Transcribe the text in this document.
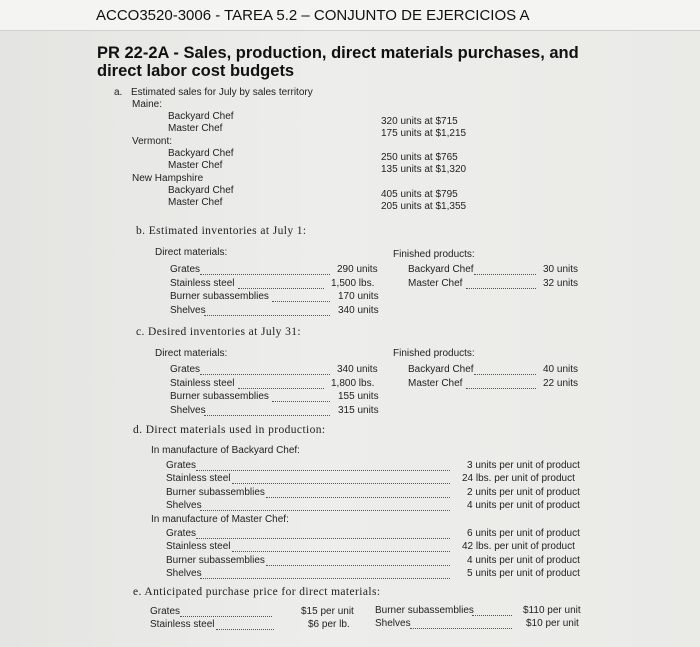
ACCO3520-3006 - TAREA 5.2 – CONJUNTO DE EJERCICIOS A
PR 22-2A - Sales, production, direct materials purchases, and
direct labor cost budgets
a. Estimated sales for July by sales territory
Maine:
Backyard Chef	320 units at $715
Master Chef	175 units at $1,215
Vermont:
Backyard Chef	250 units at $765
Master Chef	135 units at $1,320
New Hampshire
Backyard Chef	405 units at $795
Master Chef	205 units at $1,355
b. Estimated inventories at July 1:
Direct materials:
Grates	290 units
Stainless steel	1,500 lbs.
Burner subassemblies	170 units
Shelves	340 units
Finished products:
Backyard Chef	30 units
Master Chef	32 units
c. Desired inventories at July 31:
Direct materials:
Grates	340 units
Stainless steel	1,800 lbs.
Burner subassemblies	155 units
Shelves	315 units
Finished products:
Backyard Chef	40 units
Master Chef	22 units
d. Direct materials used in production:
In manufacture of Backyard Chef:
Grates	3 units per unit of product
Stainless steel	24 lbs. per unit of product
Burner subassemblies	2 units per unit of product
Shelves	4 units per unit of product
In manufacture of Master Chef:
Grates	6 units per unit of product
Stainless steel	42 lbs. per unit of product
Burner subassemblies	4 units per unit of product
Shelves	5 units per unit of product
e. Anticipated purchase price for direct materials:
Grates	$15 per unit
Stainless steel	$6 per lb.
Burner subassemblies	$110 per unit
Shelves	$10 per unit
